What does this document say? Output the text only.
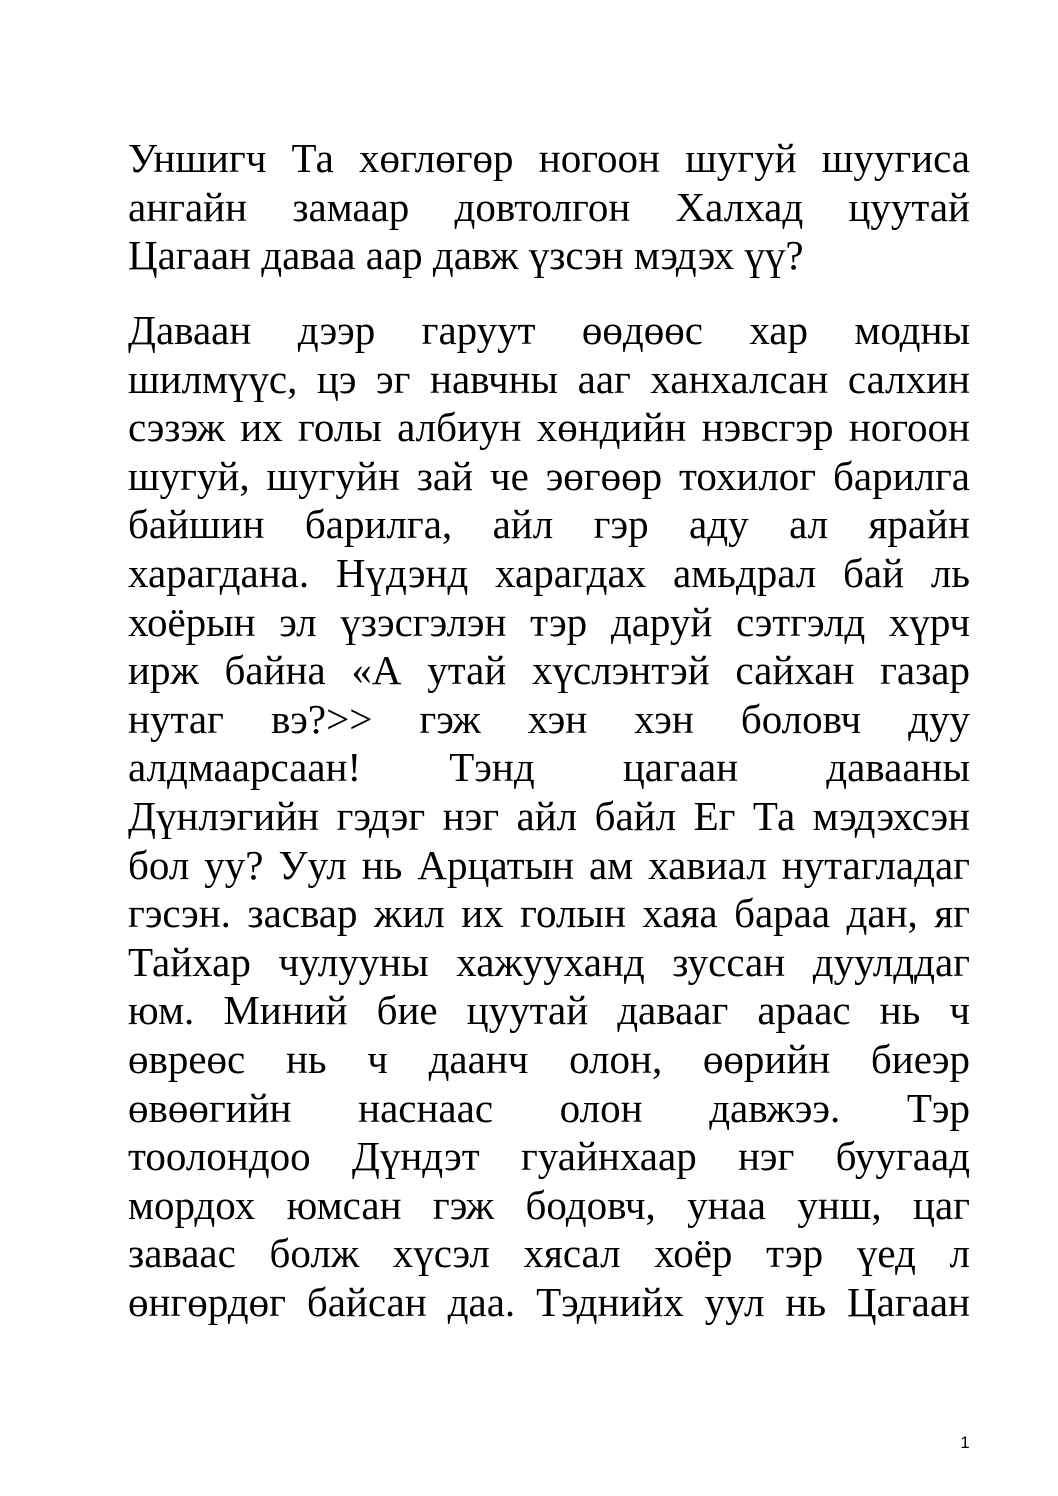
Уншигч Та хөглөгөр ногоон шугуй шуугиса
ангайн замаар довтолгон Халхад цуутай
Цагаан даваа аар давж үзсэн мэдэх үү?
Даваан дээр гаруут өөдөөс хар модны
шилмүүс, цэ эг навчны ааг ханхалсан салхин
сэзэж их голы албиун хөндийн нэвсгэр ногоон
шугуй, шугуйн зай че эөгөөр тохилог барилга
байшин барилга, айл гэр аду ал ярайн
харагдана. Нүдэнд харагдах амьдрал бай ль
хоёрын эл үзэсгэлэн тэр даруй сэтгэлд хүрч
ирж байна «А утай хүслэнтэй сайхан газар
нутаг вэ?>> гэж хэн хэн боловч дуу
алдмаарсаан! Тэнд цагаан давааны
Дүнлэгийн гэдэг нэг айл байл Ег Та мэдэхсэн
бол уу? Уул нь Арцатын ам хавиал нутагладаг
гэсэн. засвар жил их голын хаяа бараа дан, яг
Тайхар чулууны хажууханд зуссан дуулддаг
юм. Миний бие цуутай давааг араас нь ч
өвреөс нь ч даанч олон, өөрийн биеэр
өвөөгийн наснаас олон давжээ. Тэр
тоолондоо Дүндэт гуайнхаар нэг буугаад
мордох юмсан гэж бодовч, унаа унш, цаг
заваас болж хүсэл хясал хоёр тэр үед л
өнгөрдөг байсан даа. Тэднийх уул нь Цагаан
1
